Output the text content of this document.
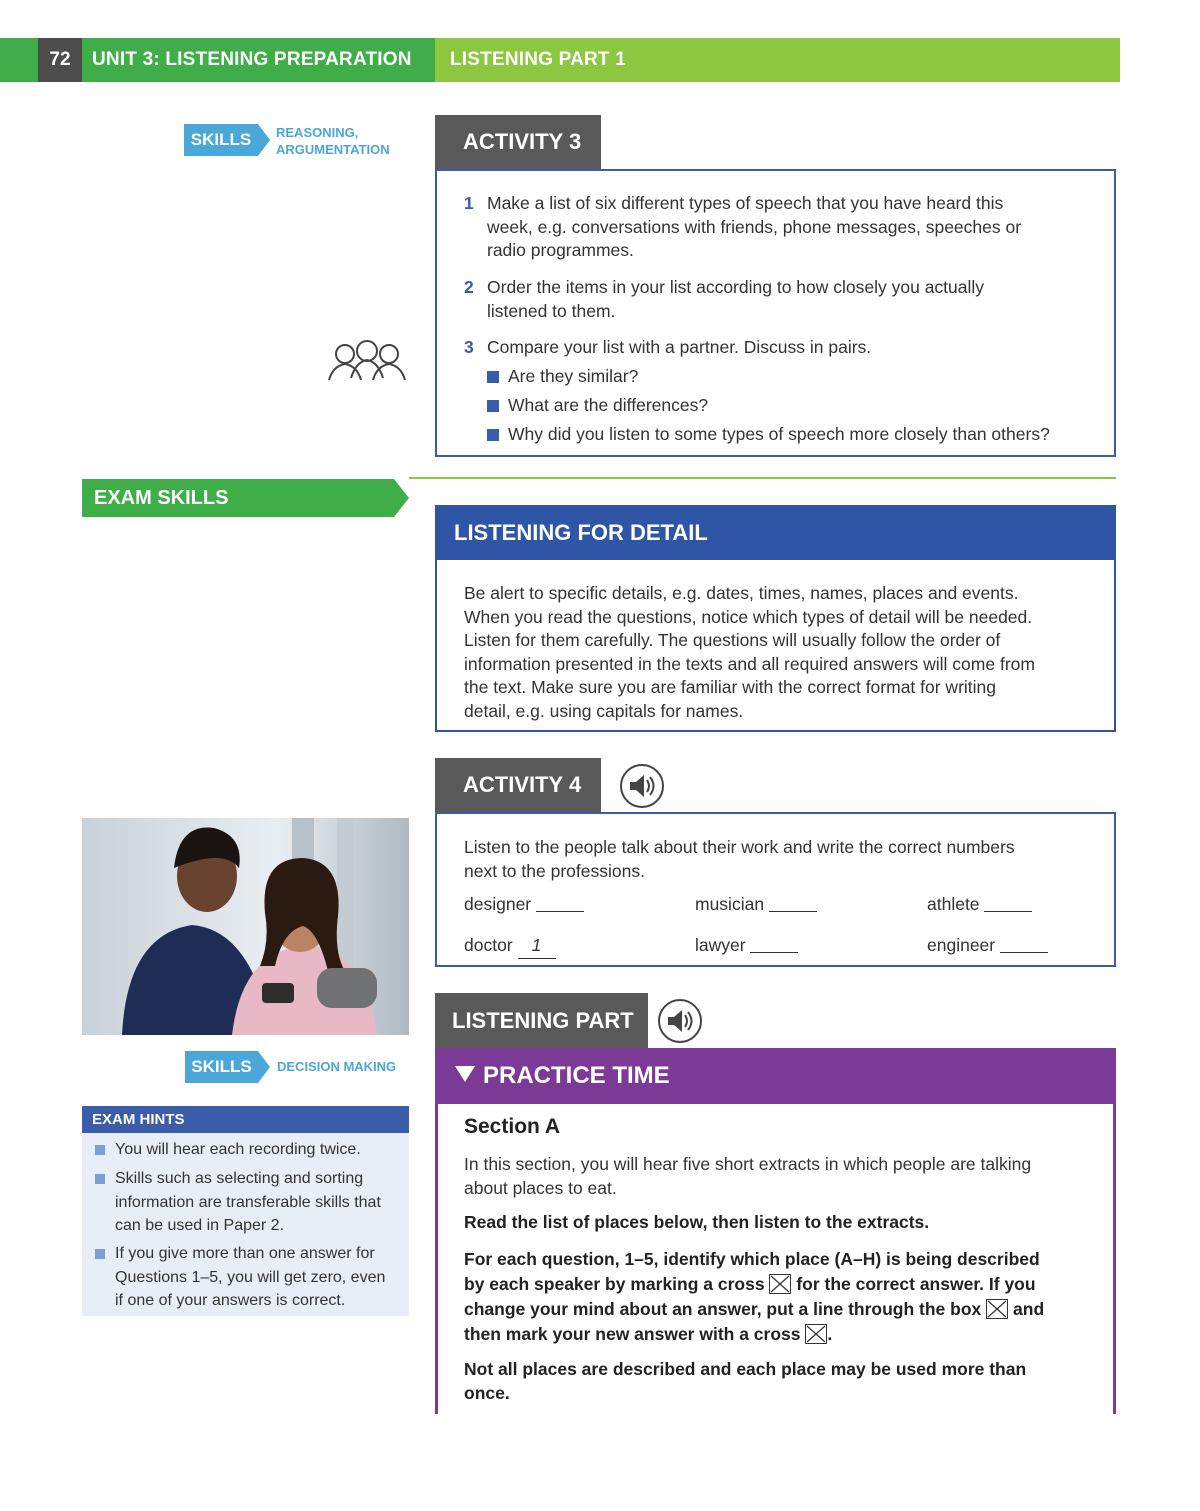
72	UNIT 3: LISTENING PREPARATION LISTENING PART 1
SKILLS	REASONING,
ARGUMENTATION	ACTIVITY 3
1 Make a list of six different types of speech that you have heard this
week, e.g. conversations with friends, phone messages, speeches or
radio programmes.
2 Order the items in your list according to how closely you actually
listened to them.
3 Compare your list with a partner. Discuss in pairs.
Are they similar?
What are the differences?
Why did you listen to some types of speech more closely than others?
EXAM SKILLS
LISTENING FOR DETAIL
Be alert to specific details, e.g. dates, times, names, places and events.
When you read the questions, notice which types of detail will be needed.
Listen for them carefully. The questions will usually follow the order of
information presented in the texts and all required answers will come from
the text. Make sure you are familiar with the correct format for writing
detail, e.g. using capitals for names.
ACTIVITY 4
Listen to the people talk about their work and write the correct numbers
next to the professions.
designer	musician	athlete
doctor 1	lawyer	engineer
SKILLS	DECISION MAKING
EXAM HINTS
You will hear each recording twice.
Skills such as selecting and sorting
information are transferable skills that
can be used in Paper 2.
If you give more than one answer for
Questions 1–5, you will get zero, even
if one of your answers is correct.
LISTENING PART
PRACTICE TIME
Section A
In this section, you will hear five short extracts in which people are talking
about places to eat.
Read the list of places below, then listen to the extracts.
For each question, 1–5, identify which place (A–H) is being described
by each speaker by marking a cross ☒ for the correct answer. If you
change your mind about an answer, put a line through the box ☒ and
then mark your new answer with a cross ☒.
Not all places are described and each place may be used more than
once.
